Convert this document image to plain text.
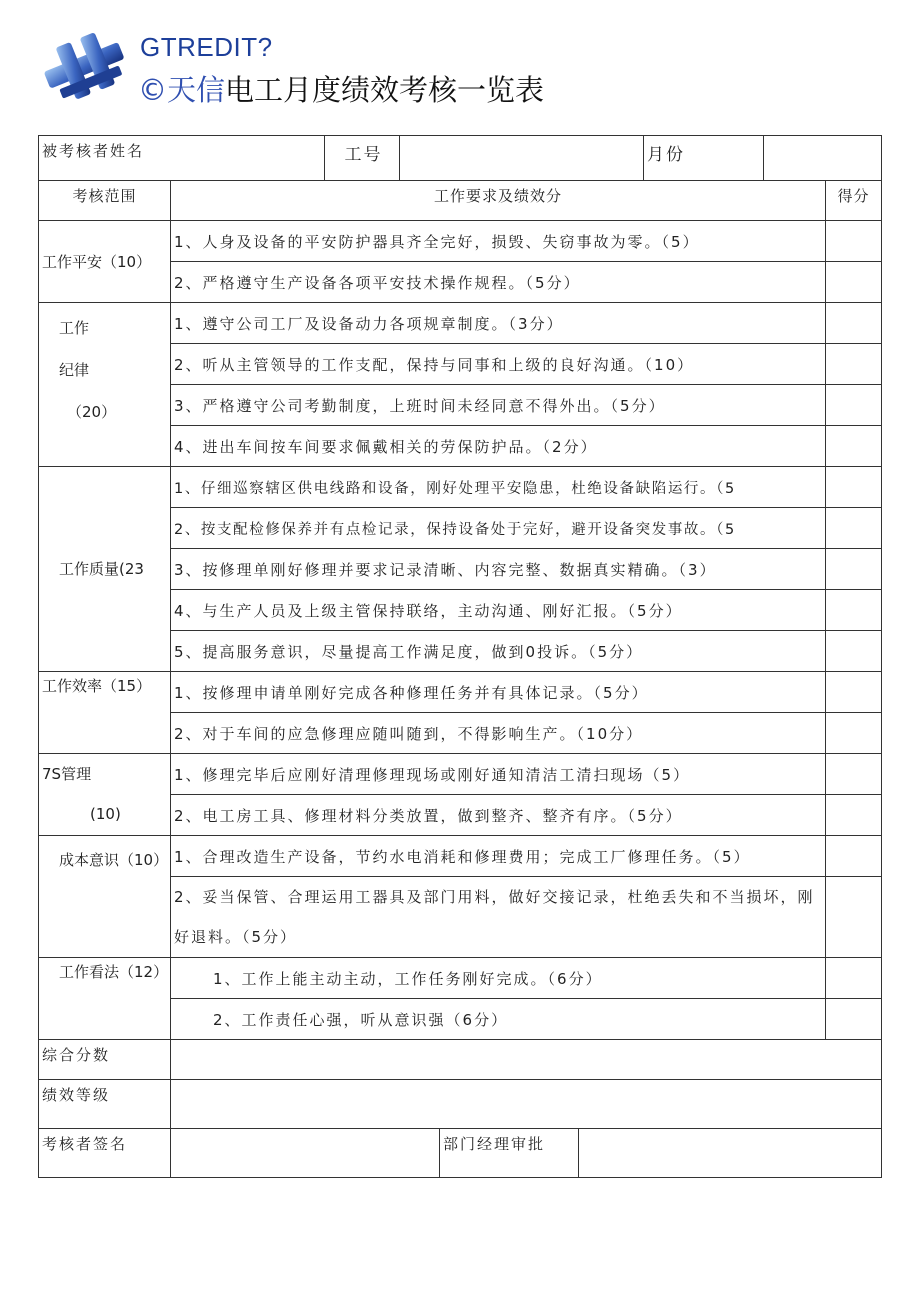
GTREDIT?
©天信电工月度绩效考核一览表
被考核者姓名		工号				月份		
考核范围	工作要求及绩效分							得分
工作平安（10）	1、人身及设备的平安防护器具齐全完好，损毁、失窃事故为零。（5）							
	2、严格遵守生产设备各项平安技术操作规程。（5分）							

工作
纪律
（20）	1、遵守公司工厂及设备动力各项规章制度。（3分）							
	2、听从主管领导的工作支配，保持与同事和上级的良好沟通。（10）							
	3、严格遵守公司考勤制度，上班时间未经同意不得外出。（5分）							
	4、进出车间按车间要求佩戴相关的劳保防护品。（2分）							
工作质量(23	1、仔细巡察辖区供电线路和设备，刚好处理平安隐患，杜绝设备缺陷运行。（5							
	2、按支配检修保养并有点检记录，保持设备处于完好，避开设备突发事故。（5							
	3、按修理单刚好修理并要求记录清晰、内容完整、数据真实精确。（3）							
	4、与生产人员及上级主管保持联络，主动沟通、刚好汇报。（5分）							
	5、提高服务意识，尽量提高工作满足度，做到0投诉。（5分）							
工作效率（15）	1、按修理申请单刚好完成各种修理任务并有具体记录。（5分）							
	2、对于车间的应急修理应随叫随到，不得影响生产。（10分）							

7S管理
(10)	1、修理完毕后应刚好清理修理现场或刚好通知清洁工清扫现场（5）							
	2、电工房工具、修理材料分类放置，做到整齐、整齐有序。（5分）							
成本意识（10）	1、合理改造生产设备，节约水电消耗和修理费用；完成工厂修理任务。（5）							
	2、妥当保管、合理运用工器具及部门用料，做好交接记录，杜绝丢失和不当损坏，刚好退料。（5分）							
工作看法（12）	1、工作上能主动主动，工作任务刚好完成。（6分）							
	2、工作责任心强，听从意识强（6分）							
综合分数								
绩效等级								
考核者签名				部门经理审批				
